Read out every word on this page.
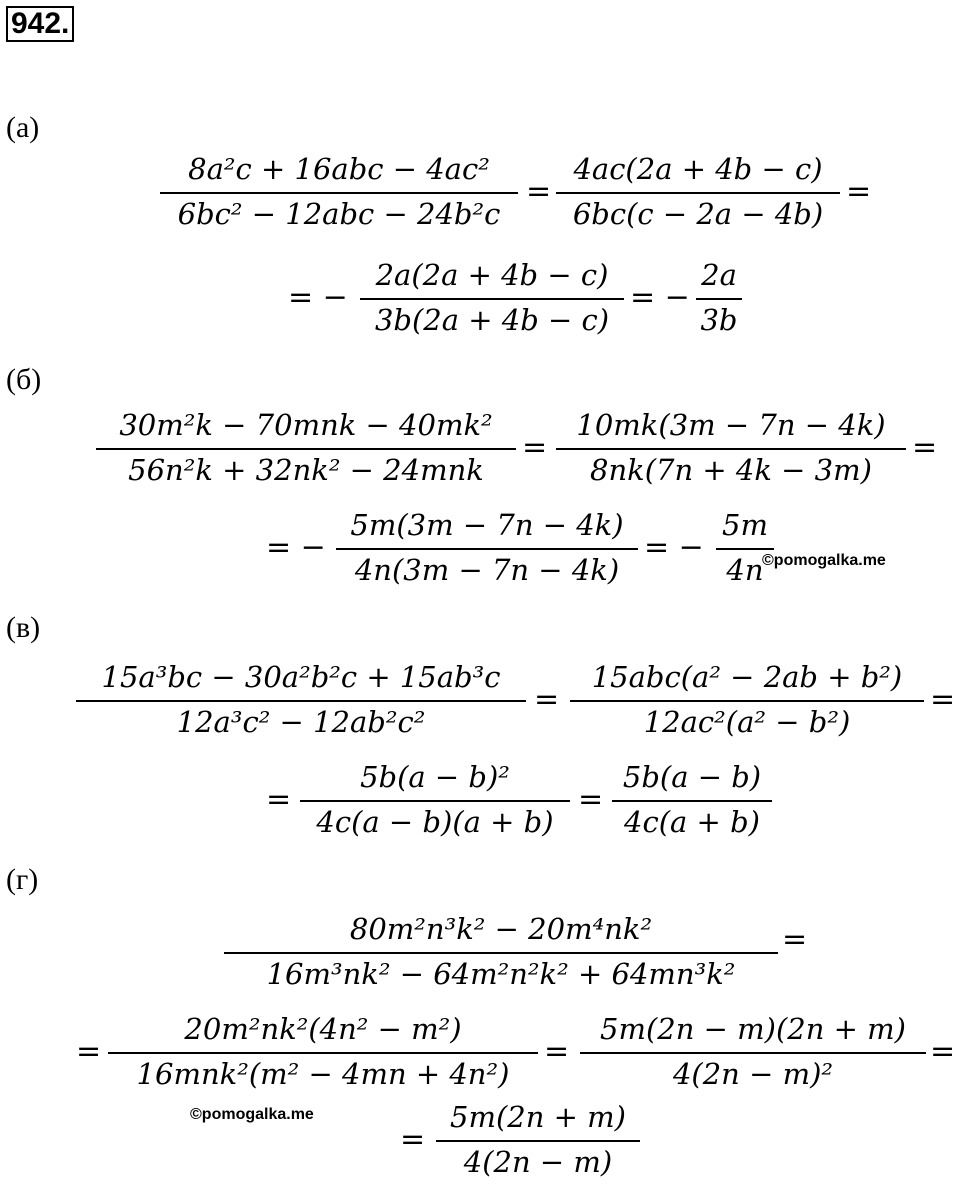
942.
(а)
8a²c + 16abc − 4ac²
6bc² − 12abc − 24b²c
=
4ac(2a + 4b − c)
6bc(c − 2a − 4b)
=
= −
2a(2a + 4b − c)
3b(2a + 4b − c)
= −
2a
3b
(б)
30m²k − 70mnk − 40mk²
56n²k + 32nk² − 24mnk
=
10mk(3m − 7n − 4k)
8nk(7n + 4k − 3m)
=
= −
5m(3m − 7n − 4k)
4n(3m − 7n − 4k)
= −
5m
4n
©pomogalka.me
(в)
15a³bc − 30a²b²c + 15ab³c
12a³c² − 12ab²c²
=
15abc(a² − 2ab + b²)
12ac²(a² − b²)
=
=
5b(a − b)²
4c(a − b)(a + b)
=
5b(a − b)
4c(a + b)
(г)
80m²n³k² − 20m⁴nk²
16m³nk² − 64m²n²k² + 64mn³k²
=
=
20m²nk²(4n² − m²)
16mnk²(m² − 4mn + 4n²)
=
5m(2n − m)(2n + m)
4(2n − m)²
=
©pomogalka.me
=
5m(2n + m)
4(2n − m)
